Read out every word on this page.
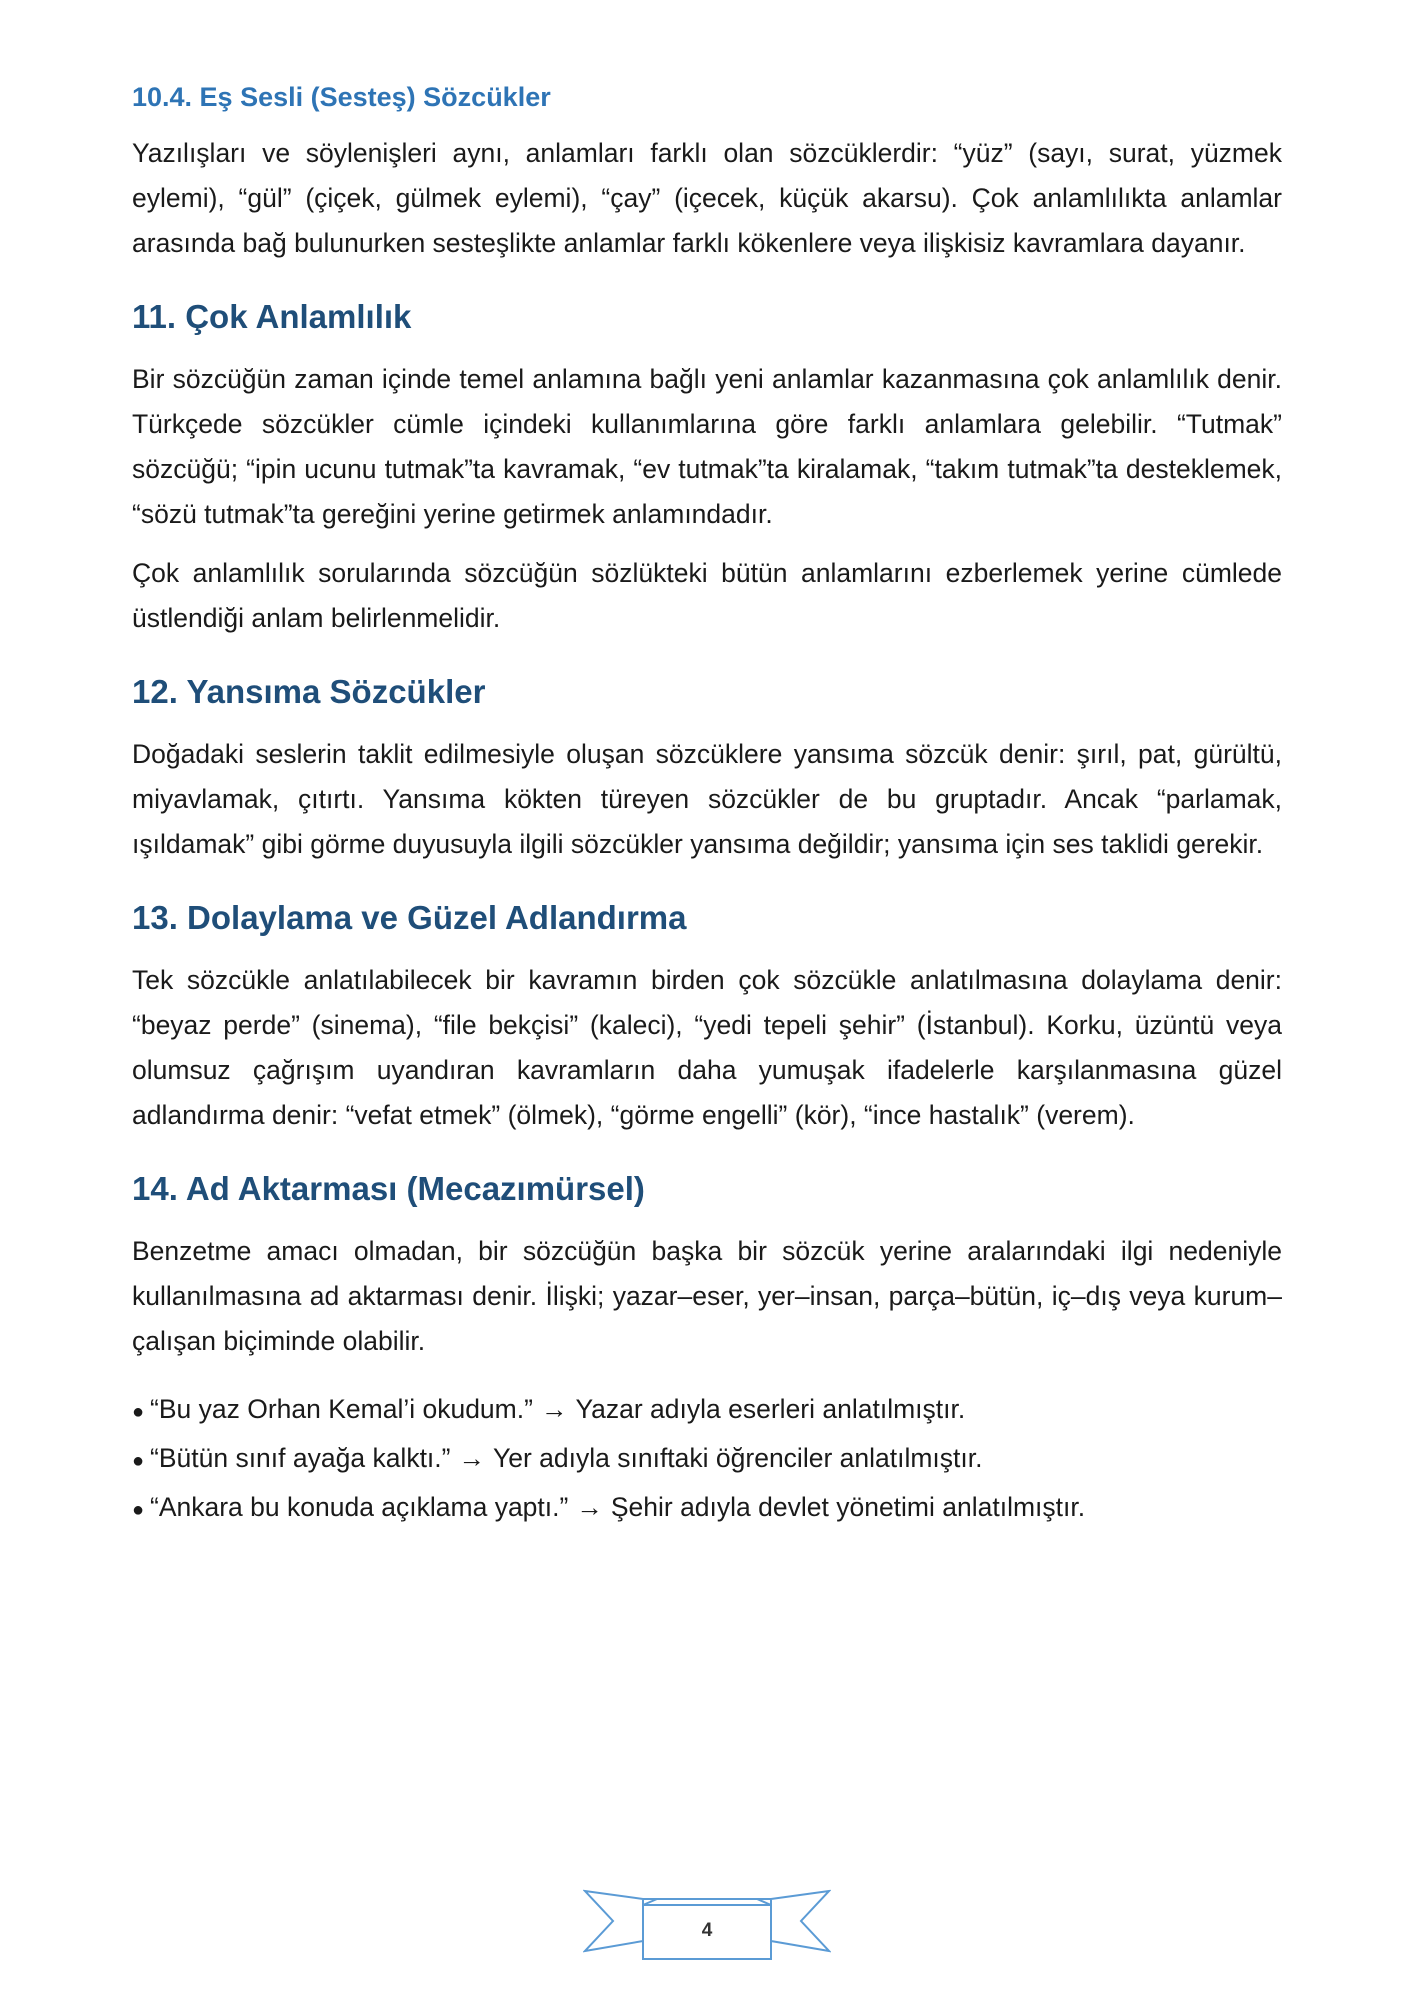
10.4. Eş Sesli (Sesteş) Sözcükler

Yazılışları ve söylenişleri aynı, anlamları farklı olan sözcüklerdir: “yüz” (sayı, surat, yüzmek eylemi), “gül” (çiçek, gülmek eylemi), “çay” (içecek, küçük akarsu). Çok anlamlılıkta anlamlar arasında bağ bulunurken sesteşlikte anlamlar farklı kökenlere veya ilişkisiz kavramlara dayanır.

11. Çok Anlamlılık

Bir sözcüğün zaman içinde temel anlamına bağlı yeni anlamlar kazanmasına çok anlamlılık denir. Türkçede sözcükler cümle içindeki kullanımlarına göre farklı anlamlara gelebilir. “Tutmak” sözcüğü; “ipin ucunu tutmak”ta kavramak, “ev tutmak”ta kiralamak, “takım tutmak”ta desteklemek, “sözü tutmak”ta gereğini yerine getirmek anlamındadır.

Çok anlamlılık sorularında sözcüğün sözlükteki bütün anlamlarını ezberlemek yerine cümlede üstlendiği anlam belirlenmelidir.

12. Yansıma Sözcükler

Doğadaki seslerin taklit edilmesiyle oluşan sözcüklere yansıma sözcük denir: şırıl, pat, gürültü, miyavlamak, çıtırtı. Yansıma kökten türeyen sözcükler de bu gruptadır. Ancak “parlamak, ışıldamak” gibi görme duyusuyla ilgili sözcükler yansıma değildir; yansıma için ses taklidi gerekir.

13. Dolaylama ve Güzel Adlandırma

Tek sözcükle anlatılabilecek bir kavramın birden çok sözcükle anlatılmasına dolaylama denir: “beyaz perde” (sinema), “file bekçisi” (kaleci), “yedi tepeli şehir” (İstanbul). Korku, üzüntü veya olumsuz çağrışım uyandıran kavramların daha yumuşak ifadelerle karşılanmasına güzel adlandırma denir: “vefat etmek” (ölmek), “görme engelli” (kör), “ince hastalık” (verem).

14. Ad Aktarması (Mecazımürsel)

Benzetme amacı olmadan, bir sözcüğün başka bir sözcük yerine aralarındaki ilgi nedeniyle kullanılmasına ad aktarması denir. İlişki; yazar–eser, yer–insan, parça–bütün, iç–dış veya kurum–çalışan biçiminde olabilir.

● “Bu yaz Orhan Kemal’i okudum.” → Yazar adıyla eserleri anlatılmıştır.
● “Bütün sınıf ayağa kalktı.” → Yer adıyla sınıftaki öğrenciler anlatılmıştır.
● “Ankara bu konuda açıklama yaptı.” → Şehir adıyla devlet yönetimi anlatılmıştır.
4
